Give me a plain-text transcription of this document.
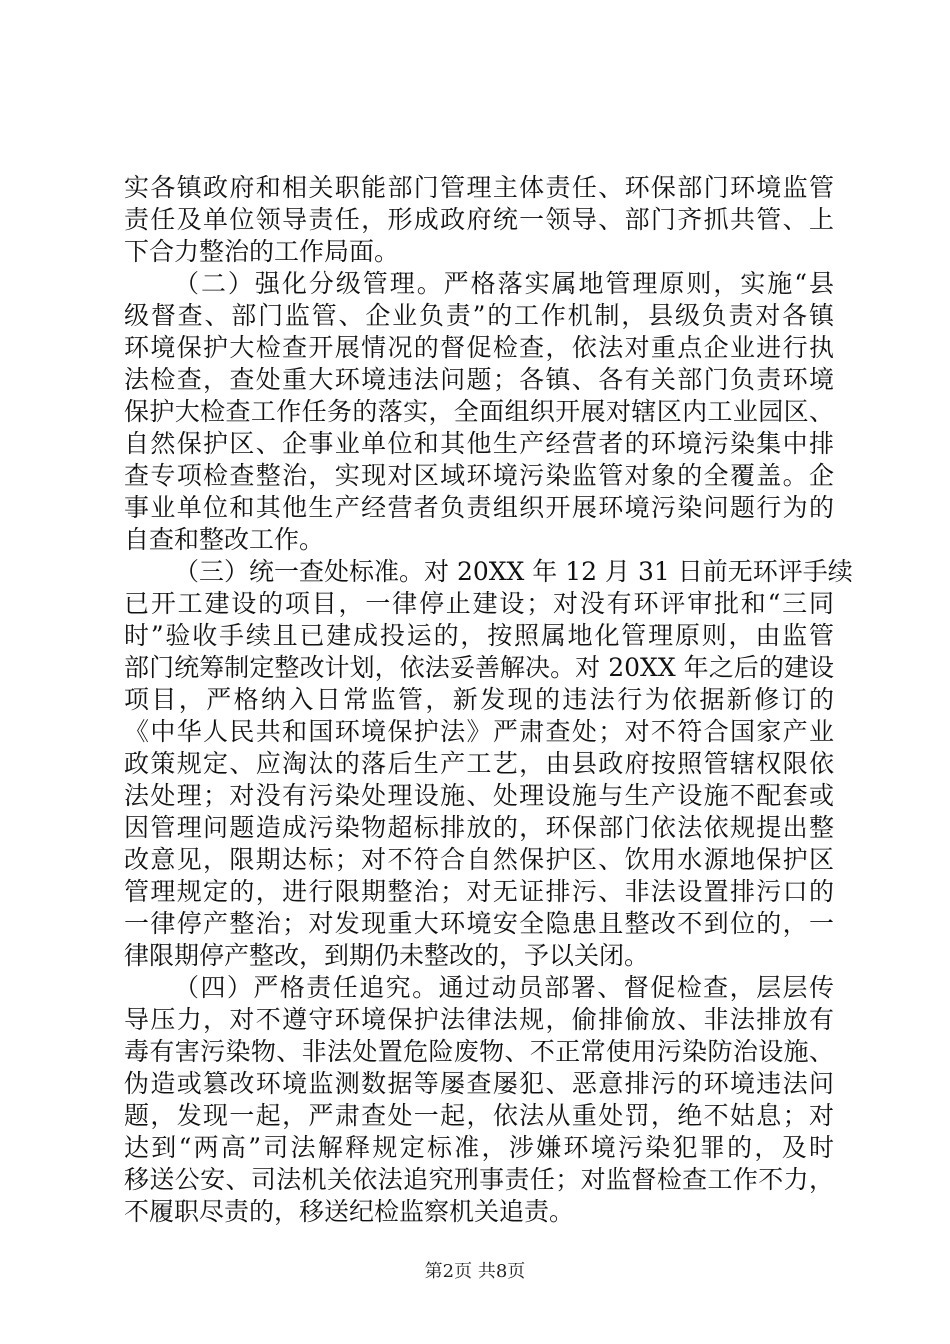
实各镇政府和相关职能部门管理主体责任、环保部门环境监管
责任及单位领导责任，形成政府统一领导、部门齐抓共管、上
下合力整治的工作局面。
（二）强化分级管理。严格落实属地管理原则，实施“县
级督查、部门监管、企业负责”的工作机制，县级负责对各镇
环境保护大检查开展情况的督促检查，依法对重点企业进行执
法检查，查处重大环境违法问题；各镇、各有关部门负责环境
保护大检查工作任务的落实，全面组织开展对辖区内工业园区、
自然保护区、企事业单位和其他生产经营者的环境污染集中排
查专项检查整治，实现对区域环境污染监管对象的全覆盖。企
事业单位和其他生产经营者负责组织开展环境污染问题行为的
自查和整改工作。
（三）统一查处标准。对 20XX 年 12 月 31 日前无环评手续
已开工建设的项目，一律停止建设；对没有环评审批和“三同
时”验收手续且已建成投运的，按照属地化管理原则，由监管
部门统筹制定整改计划，依法妥善解决。对 20XX 年之后的建设
项目，严格纳入日常监管，新发现的违法行为依据新修订的
《中华人民共和国环境保护法》严肃查处；对不符合国家产业
政策规定、应淘汰的落后生产工艺，由县政府按照管辖权限依
法处理；对没有污染处理设施、处理设施与生产设施不配套或
因管理问题造成污染物超标排放的，环保部门依法依规提出整
改意见，限期达标；对不符合自然保护区、饮用水源地保护区
管理规定的，进行限期整治；对无证排污、非法设置排污口的
一律停产整治；对发现重大环境安全隐患且整改不到位的，一
律限期停产整改，到期仍未整改的，予以关闭。
（四）严格责任追究。通过动员部署、督促检查，层层传
导压力，对不遵守环境保护法律法规，偷排偷放、非法排放有
毒有害污染物、非法处置危险废物、不正常使用污染防治设施、
伪造或篡改环境监测数据等屡查屡犯、恶意排污的环境违法问
题，发现一起，严肃查处一起，依法从重处罚，绝不姑息；对
达到“两高”司法解释规定标准，涉嫌环境污染犯罪的，及时
移送公安、司法机关依法追究刑事责任；对监督检查工作不力，
不履职尽责的，移送纪检监察机关追责。
第2页 共8页
